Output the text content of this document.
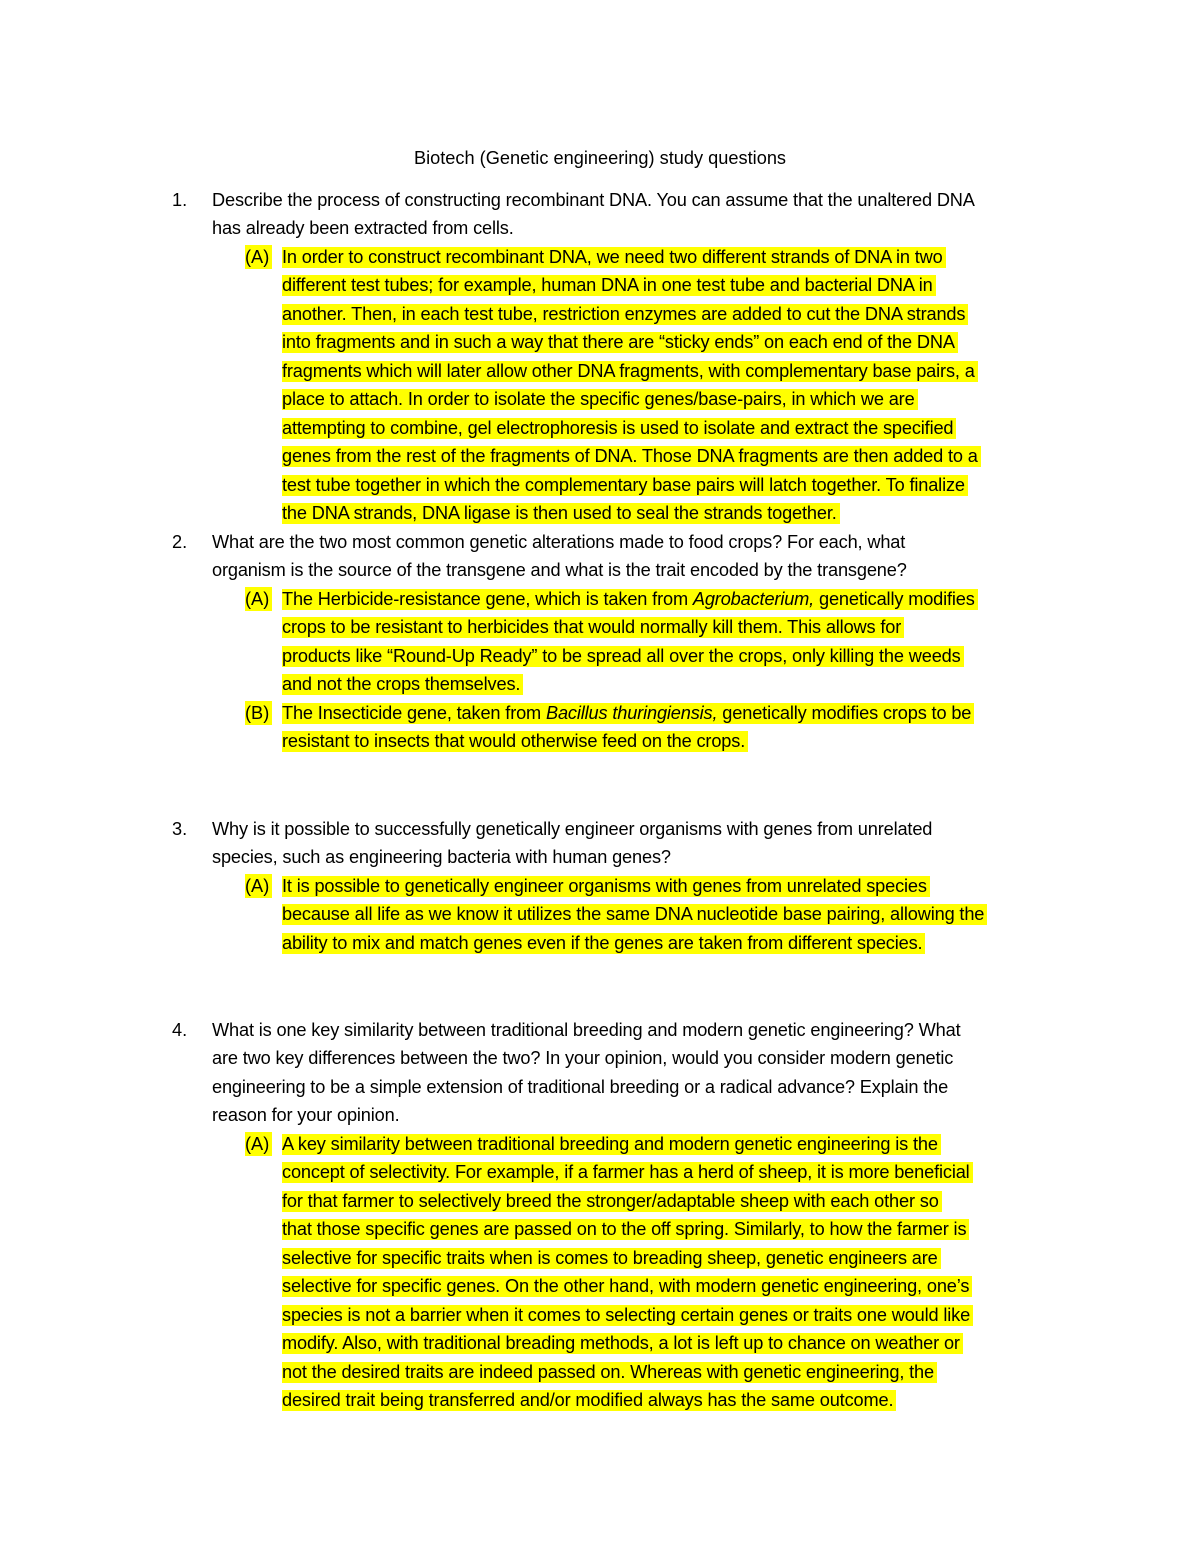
Biotech (Genetic engineering) study questions
1. Describe the process of constructing recombinant DNA. You can assume that the unaltered DNA
has already been extracted from cells.
(A) In order to construct recombinant DNA, we need two different strands of DNA in two
different test tubes; for example, human DNA in one test tube and bacterial DNA in
another. Then, in each test tube, restriction enzymes are added to cut the DNA strands
into fragments and in such a way that there are “sticky ends” on each end of the DNA
fragments which will later allow other DNA fragments, with complementary base pairs, a
place to attach. In order to isolate the specific genes/base-pairs, in which we are
attempting to combine, gel electrophoresis is used to isolate and extract the specified
genes from the rest of the fragments of DNA. Those DNA fragments are then added to a
test tube together in which the complementary base pairs will latch together. To finalize
the DNA strands, DNA ligase is then used to seal the strands together.
2. What are the two most common genetic alterations made to food crops? For each, what
organism is the source of the transgene and what is the trait encoded by the transgene?
(A) The Herbicide-resistance gene, which is taken from Agrobacterium, genetically modifies
crops to be resistant to herbicides that would normally kill them. This allows for
products like “Round-Up Ready” to be spread all over the crops, only killing the weeds
and not the crops themselves.
(B) The Insecticide gene, taken from Bacillus thuringiensis, genetically modifies crops to be
resistant to insects that would otherwise feed on the crops.
3. Why is it possible to successfully genetically engineer organisms with genes from unrelated
species, such as engineering bacteria with human genes?
(A) It is possible to genetically engineer organisms with genes from unrelated species
because all life as we know it utilizes the same DNA nucleotide base pairing, allowing the
ability to mix and match genes even if the genes are taken from different species.
4. What is one key similarity between traditional breeding and modern genetic engineering? What
are two key differences between the two? In your opinion, would you consider modern genetic
engineering to be a simple extension of traditional breeding or a radical advance? Explain the
reason for your opinion.
(A) A key similarity between traditional breeding and modern genetic engineering is the
concept of selectivity. For example, if a farmer has a herd of sheep, it is more beneficial
for that farmer to selectively breed the stronger/adaptable sheep with each other so
that those specific genes are passed on to the off spring. Similarly, to how the farmer is
selective for specific traits when is comes to breading sheep, genetic engineers are
selective for specific genes. On the other hand, with modern genetic engineering, one’s
species is not a barrier when it comes to selecting certain genes or traits one would like
modify. Also, with traditional breading methods, a lot is left up to chance on weather or
not the desired traits are indeed passed on. Whereas with genetic engineering, the
desired trait being transferred and/or modified always has the same outcome.
